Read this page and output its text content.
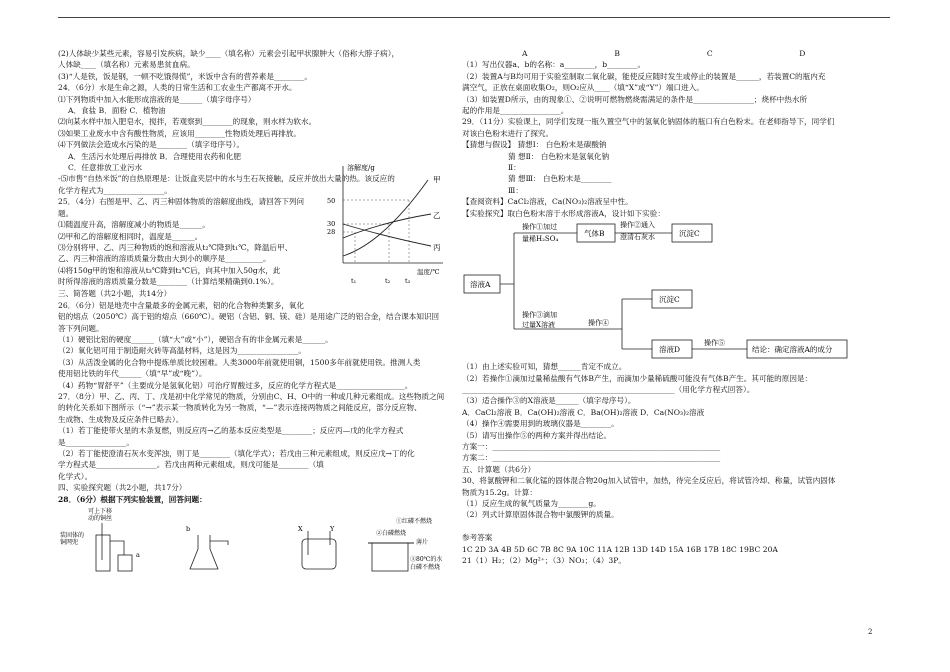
(2)人体缺少某些元素，容易引发疾病，缺少____（填名称）元素会引起甲状腺肿大（俗称大脖子病），
人体缺____（填名称）元素易患贫血病。
(3)“人是铁，饭是钢，一顿不吃饿得慌”，米饭中含有的营养素是________。
24．（6分）水是生命之源，人类的日常生活和工农业生产都离不开水。
⑴下列物质中加入水能形成溶液的是______（填字母序号）
A．食盐 B．面粉 C．植物油
⑵向某水样中加入肥皂水，搅拌，若观察到________的现象，则水样为软水。
⑶如果工业废水中含有酸性物质，应该用________性物质处理后再排放。
⑷下列做法会造成水污染的是________（填字母序号）。
A．生活污水处理后再排放 B．合理使用农药和化肥
C．任意排放工业污水
-⑸市售“自热米饭”的自热原理是：让饭盒夹层中的水与生石灰接触，反应并放出大量的热。该反应的
化学方程式为________________。
25．（4分）右图是甲、乙、丙三种固体物质的溶解度曲线，请回答下列问
题。
⑴随温度升高，溶解度减小的物质是______。
⑵甲和乙的溶解度相同时，温度是______。
⑶分别将甲、乙、丙三种物质的饱和溶液从t₂℃降到t₁℃，降温后甲、
乙、丙三种溶液的溶质质量分数由大到小的顺序是__________。
⑷将150g甲的饱和溶液从t₃℃降到t₂℃后，向其中加入50g水，此
时所得溶液的溶质质量分数是________（计算结果精确到0.1%）。
溶解度/g
50
30
28
甲
乙
丙
温度/℃
t₁	t₂ t₃
三、简答题（共2小题，共14分）
26．（6分）铝是地壳中含量最多的金属元素，铝的化合物种类繁多，氧化
铝的熔点（2050℃）高于铝的熔点（660℃）。硬铝（含铝、铜、镁、硅）是用途广泛的铝合金，结合课本知识回
答下列问题。
（1）硬铝比铝的硬度______（填“大”或“小”），硬铝含有的非金属元素是______。
（2）氧化铝可用于制造耐火砖等高温材料，这是因为________________。
（3）从活泼金属的化合物中提炼单质比较困难。人类3000年前就使用铜，1500多年前就使用铁。推测人类
使用铝比铁的年代______（填“早”或“晚”）。
（4）药物“胃舒平”（主要成分是氢氧化铝）可治疗胃酸过多，反应的化学方程式是__________________。
27．（8分）甲、乙、丙、丁、戊是初中化学常见的物质，分别由C、H、O中的一种或几种元素组成。这些物质之间
的转化关系如下图所示（“→”表示某一物质转化为另一物质，“—”表示连接两物质之间能反应，部分反应物、
生成物、生成物及反应条件已略去）。
（1）若丁能使带火星的木条复燃，则反应丙→乙的基本反应类型是________；反应丙—戊的化学方程式
是________________。
（2）若丁能使澄清石灰水变浑浊，则丁是________（填化学式）；若戊由三种元素组成，则反应戊→丁的化
学方程式是________________。若戊由两种元素组成，则戊可能是________（填
化学式）。
四、实验探究题（共2小题，共17分）
28．（6分）根据下列实验装置，回答问题：
可上下移
动的铜丝
装固体的
铜网兜
a
b	X	Y
②白磷燃烧
①红磷不燃烧
薄片
③80℃的水
白磷不燃烧
A	B	C	D
（1）写出仪器a、b的名称：a________，b________。
（2）装置A与B均可用于实验室制取二氧化碳，能使反应随时发生或停止的装置是______，若装置C的瓶内充
满空气，正放在桌面收集O₂，则O₂应从____（填“X”或“Y”）端口进入。
（3）如装置D所示，由的现象①、②说明可燃物燃烧需满足的条件是________________；烧杯中热水所
起的作用是________________。
29．（11分）实验课上，同学们发现一瓶久置空气中的氢氧化钠固体的瓶口有白色粉末。在老师指导下，同学们
对该白色粉末进行了探究。
【猜想与假设】 猜想Ⅰ： 白色粉末是碳酸钠
猜 想Ⅱ： 白色粉末是氢氧化钠
Ⅱ：
猜 想Ⅲ： 白色粉末是________
Ⅲ：
【查阅资料】CaCl₂溶液，Ca(NO₃)₂溶液呈中性。
【实验探究】取白色粉末溶于水形成溶液A，设计如下实验：
溶液A
操作①加过
量稀H₂SO₄
气体B
操作②通入
澄清石灰水	沉淀C
操作③滴加
过量X溶液	操作④
沉淀C
溶液D
操作⑤
结论：确定溶液A的成分
（1）由上述实验可知，猜想______肯定不成立。
（2）若操作①滴加过量稀盐酸有气体B产生，而滴加少量稀硫酸可能没有气体B产生。其可能的原因是：
________________________________________________________（用化学方程式回答）。
（3）适合操作③的X溶液是______（填字母序号）。
A．CaCl₂溶液 B．Ca(OH)₂溶液 C．Ba(OH)₂溶液 D．Ca(NO₃)₂溶液
（4）操作④需要用到的玻璃仪器是________。
（5）请写出操作⑤的两种方案并得出结论。
方案一：____________________________________________________________
方案二：____________________________________________________________
五、计算题（共6分）
30、将氯酸钾和二氧化锰的固体混合物20g加入试管中，加热，待完全反应后，将试管冷却、称量，试管内固体
物质为15.2g。计算：
（1）反应生成的氧气质量为________g。
（2）列式计算原固体混合物中氯酸钾的质量。

参考答案
1C 2D 3A 4B 5D 6C 7B 8C 9A 10C 11A 12B 13D 14D 15A 16B 17B 18C 19BC 20A
21（1）H₂；（2）Mg²⁺；（3）NO₃；（4）3P。
2
